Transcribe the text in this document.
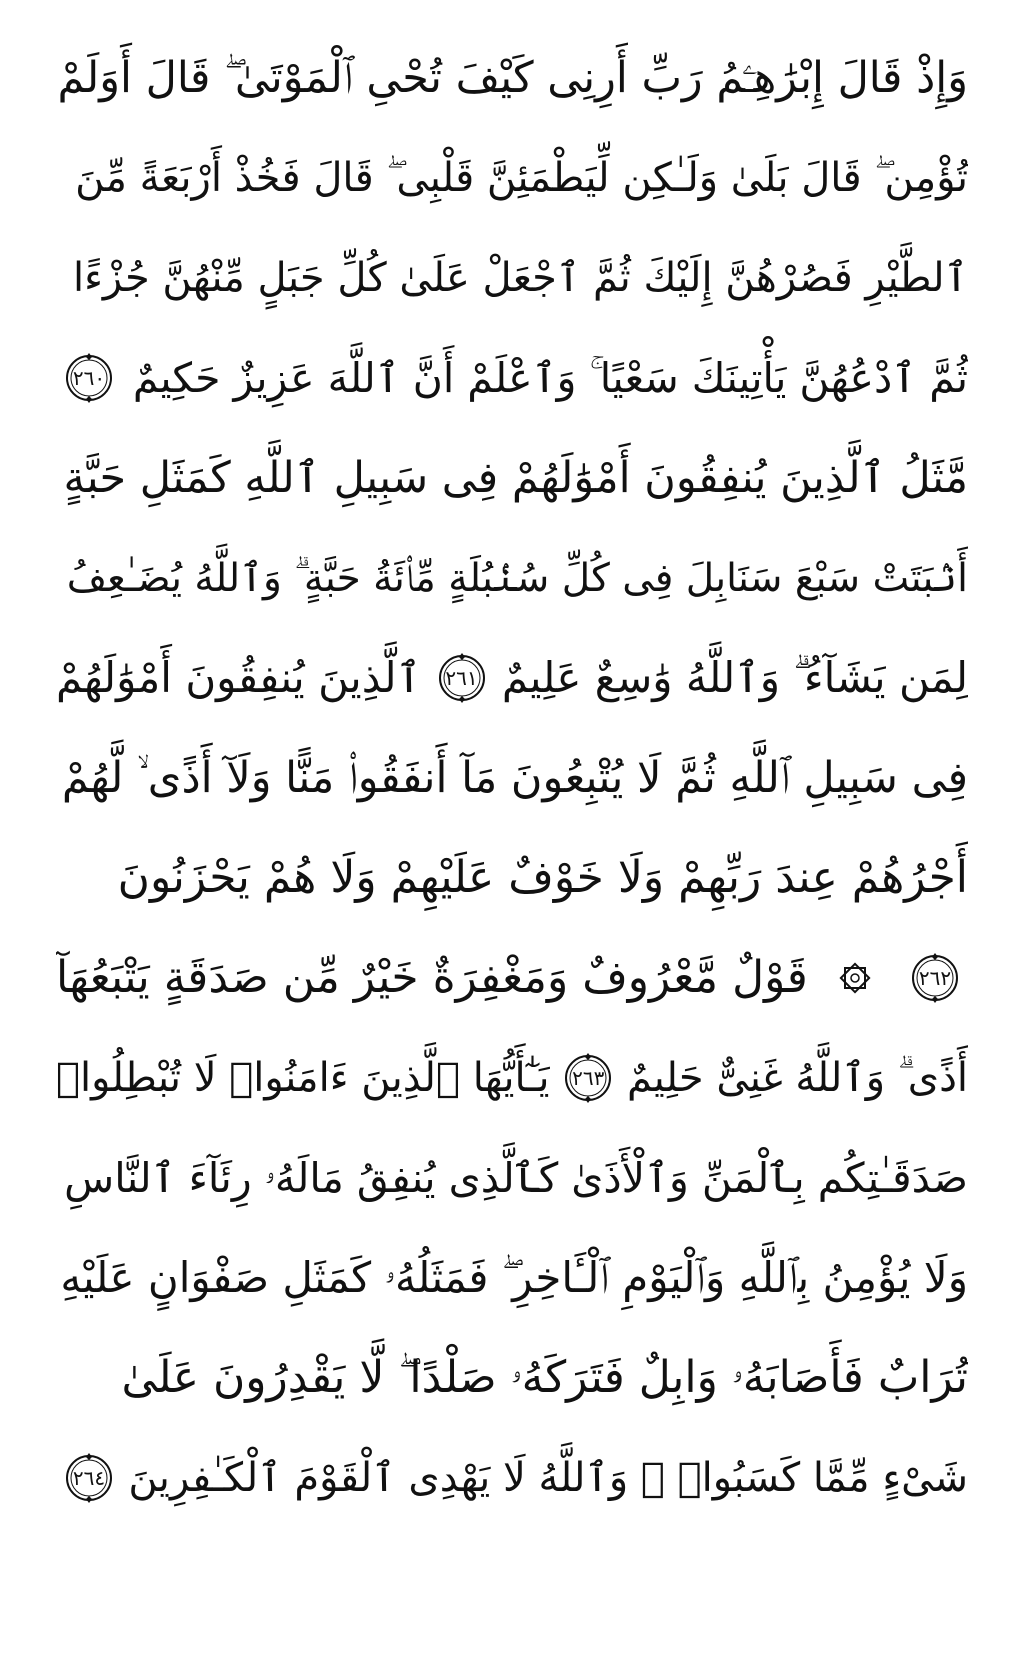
وَإِذْ قَالَ إِبْرَٰهِـۧمُ رَبِّ أَرِنِى كَيْفَ تُحْىِ ٱلْمَوْتَىٰ ۖ قَالَ أَوَلَمْ
تُؤْمِن ۖ قَالَ بَلَىٰ وَلَـٰكِن لِّيَطْمَئِنَّ قَلْبِى ۖ قَالَ فَخُذْ أَرْبَعَةً مِّنَ
ٱلطَّيْرِ فَصُرْهُنَّ إِلَيْكَ ثُمَّ ٱجْعَلْ عَلَىٰ كُلِّ جَبَلٍ مِّنْهُنَّ جُزْءًا
ثُمَّ ٱدْعُهُنَّ يَأْتِينَكَ سَعْيًا ۚ وَٱعْلَمْ أَنَّ ٱللَّهَ عَزِيزٌ حَكِيمٌ
٢٦٠
مَّثَلُ ٱلَّذِينَ يُنفِقُونَ أَمْوَٰلَهُمْ فِى سَبِيلِ ٱللَّهِ كَمَثَلِ حَبَّةٍ
أَنۢبَتَتْ سَبْعَ سَنَابِلَ فِى كُلِّ سُنۢبُلَةٍ مِّا۟ئَةُ حَبَّةٍ ۗ وَٱللَّهُ يُضَـٰعِفُ
لِمَن يَشَآءُ ۗ وَٱللَّهُ وَٰسِعٌ عَلِيمٌ
٢٦١
ٱلَّذِينَ يُنفِقُونَ أَمْوَٰلَهُمْ
فِى سَبِيلِ ٱللَّهِ ثُمَّ لَا يُتْبِعُونَ مَآ أَنفَقُوا۟ مَنًّا وَلَآ أَذًى ۙ لَّهُمْ
أَجْرُهُمْ عِندَ رَبِّهِمْ وَلَا خَوْفٌ عَلَيْهِمْ وَلَا هُمْ يَحْزَنُونَ
٢٦٢
قَوْلٌ مَّعْرُوفٌ وَمَغْفِرَةٌ خَيْرٌ مِّن صَدَقَةٍ يَتْبَعُهَآ
أَذًى ۗ وَٱللَّهُ غَنِىٌّ حَلِيمٌ
٢٦٣
يَـٰٓأَيُّهَا ٱلَّذِينَ ءَامَنُوا۟ لَا تُبْطِلُوا۟
صَدَقَـٰتِكُم بِٱلْمَنِّ وَٱلْأَذَىٰ كَٱلَّذِى يُنفِقُ مَالَهُۥ رِئَآءَ ٱلنَّاسِ
وَلَا يُؤْمِنُ بِٱللَّهِ وَٱلْيَوْمِ ٱلْـَٔاخِرِ ۖ فَمَثَلُهُۥ كَمَثَلِ صَفْوَانٍ عَلَيْهِ
تُرَابٌ فَأَصَابَهُۥ وَابِلٌ فَتَرَكَهُۥ صَلْدًا ۖ لَّا يَقْدِرُونَ عَلَىٰ
شَىْءٍ مِّمَّا كَسَبُوا۟ ۗ وَٱللَّهُ لَا يَهْدِى ٱلْقَوْمَ ٱلْكَـٰفِرِينَ
٢٦٤
